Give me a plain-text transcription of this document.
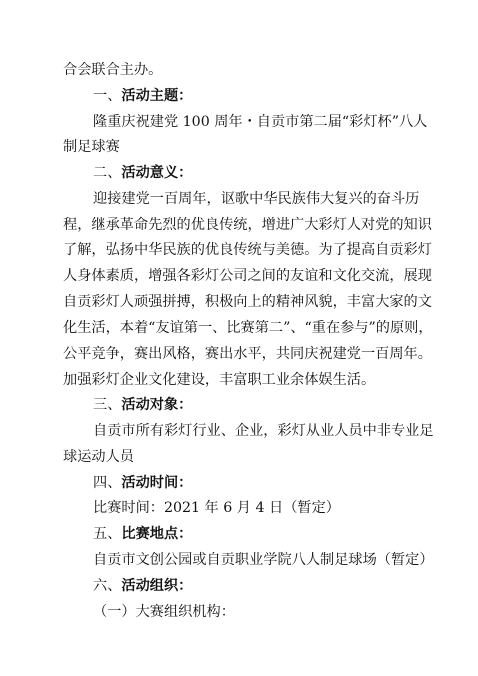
合会联合主办。
一、活动主题：
隆重庆祝建党 100 周年・自贡市第二届“彩灯杯”八人
制足球赛
二、活动意义：
迎接建党一百周年，讴歌中华民族伟大复兴的奋斗历
程，继承革命先烈的优良传统，增进广大彩灯人对党的知识
了解，弘扬中华民族的优良传统与美德。为了提高自贡彩灯
人身体素质，增强各彩灯公司之间的友谊和文化交流，展现
自贡彩灯人顽强拼搏，积极向上的精神风貌，丰富大家的文
化生活，本着“友谊第一、比赛第二”、“重在参与”的原则，
公平竞争，赛出风格，赛出水平，共同庆祝建党一百周年。
加强彩灯企业文化建设，丰富职工业余体娱生活。
三、活动对象：
自贡市所有彩灯行业、企业，彩灯从业人员中非专业足
球运动人员
四、活动时间：
比赛时间：2021 年 6 月 4 日（暂定）
五、比赛地点：
自贡市文创公园或自贡职业学院八人制足球场（暂定）
六、活动组织：
（一）大赛组织机构：
